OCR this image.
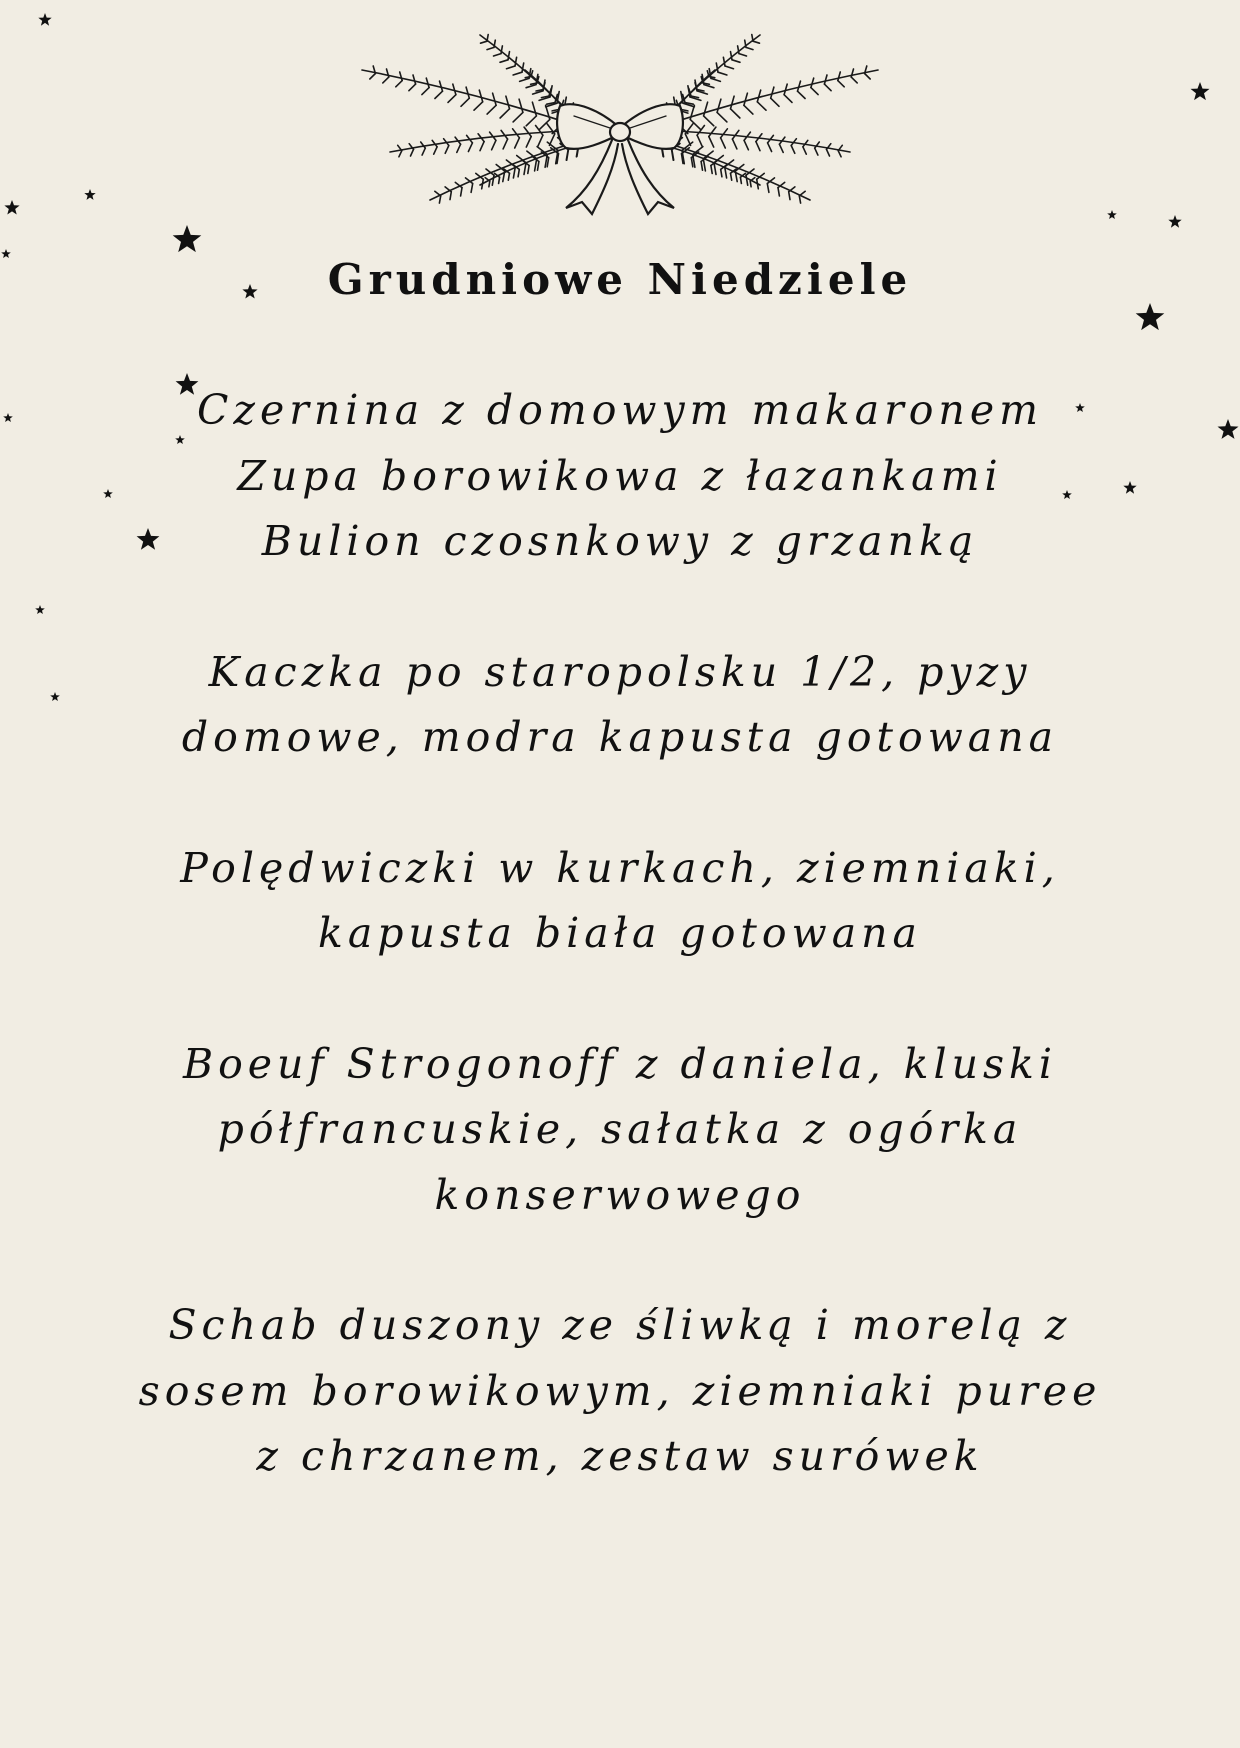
Grudniowe Niedziele
Czernina z domowym makaronem
Zupa borowikowa z łazankami
Bulion czosnkowy z grzanką
Kaczka po staropolsku 1/2, pyzy
domowe, modra kapusta gotowana
Polędwiczki w kurkach, ziemniaki,
kapusta biała gotowana
Boeuf Strogonoff z daniela, kluski
półfrancuskie, sałatka z ogórka
konserwowego
Schab duszony ze śliwką i morelą z
sosem borowikowym, ziemniaki puree
z chrzanem, zestaw surówek
